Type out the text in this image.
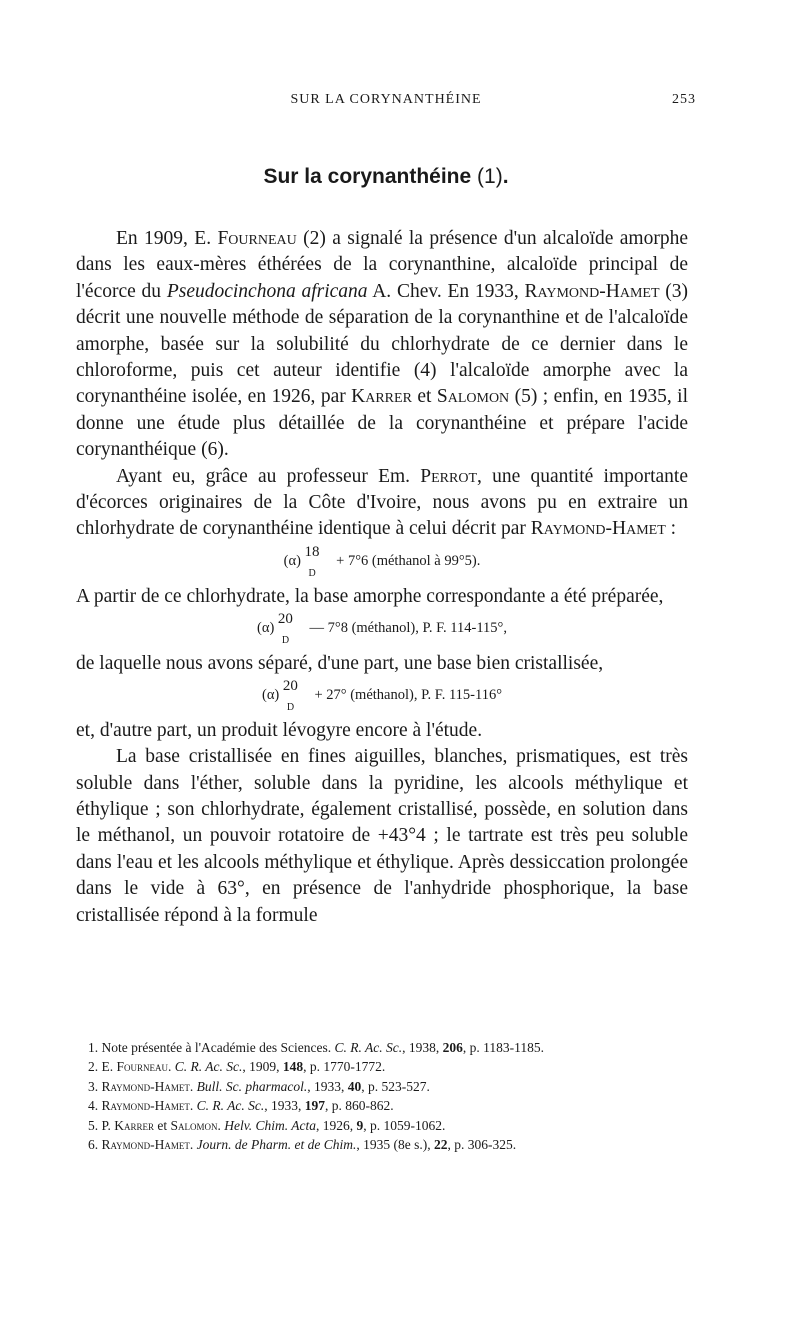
SUR LA CORYNANTHÉINE	253
Sur la corynanthéine (1).

En 1909, E. Fourneau (2) a signalé la présence d'un alcaloïde amorphe dans les eaux-mères éthérées de la corynanthine, alcaloïde principal de l'écorce du Pseudocinchona africana A. Chev. En 1933, Raymond-Hamet (3) décrit une nouvelle méthode de séparation de la corynanthine et de l'alcaloïde amorphe, basée sur la solubilité du chlorhydrate de ce dernier dans le chloroforme, puis cet auteur identifie (4) l'alcaloïde amorphe avec la corynanthéine isolée, en 1926, par Karrer et Salomon (5) ; enfin, en 1935, il donne une étude plus détaillée de la corynanthéine et prépare l'acide corynanthéique (6).

Ayant eu, grâce au professeur Em. Perrot, une quantité importante d'écorces originaires de la Côte d'Ivoire, nous avons pu en extraire un chlorhydrate de corynanthéine identique à celui décrit par Raymond-Hamet :

(α)
18
D
+ 7°6 (méthanol à 99°5).

A partir de ce chlorhydrate, la base amorphe correspondante a été préparée,

(α)
20
D
— 7°8 (méthanol), P. F. 114-115°,

de laquelle nous avons séparé, d'une part, une base bien cristallisée,

(α)
20
D
+ 27° (méthanol), P. F. 115-116°

et, d'autre part, un produit lévogyre encore à l'étude.

La base cristallisée en fines aiguilles, blanches, prismatiques, est très soluble dans l'éther, soluble dans la pyridine, les alcools méthylique et éthylique ; son chlorhydrate, également cristallisé, possède, en solution dans le méthanol, un pouvoir rotatoire de +43°4 ; le tartrate est très peu soluble dans l'eau et les alcools méthylique et éthylique. Après dessiccation prolongée dans le vide à 63°, en présence de l'anhydride phosphorique, la base cristallisée répond à la formule

1. Note présentée à l'Académie des Sciences. C. R. Ac. Sc., 1938, 206, p. 1183-1185.
2. E. Fourneau. C. R. Ac. Sc., 1909, 148, p. 1770-1772.
3. Raymond-Hamet. Bull. Sc. pharmacol., 1933, 40, p. 523-527.
4. Raymond-Hamet. C. R. Ac. Sc., 1933, 197, p. 860-862.
5. P. Karrer et Salomon. Helv. Chim. Acta, 1926, 9, p. 1059-1062.
6. Raymond-Hamet. Journ. de Pharm. et de Chim., 1935 (8e s.), 22, p. 306-325.
